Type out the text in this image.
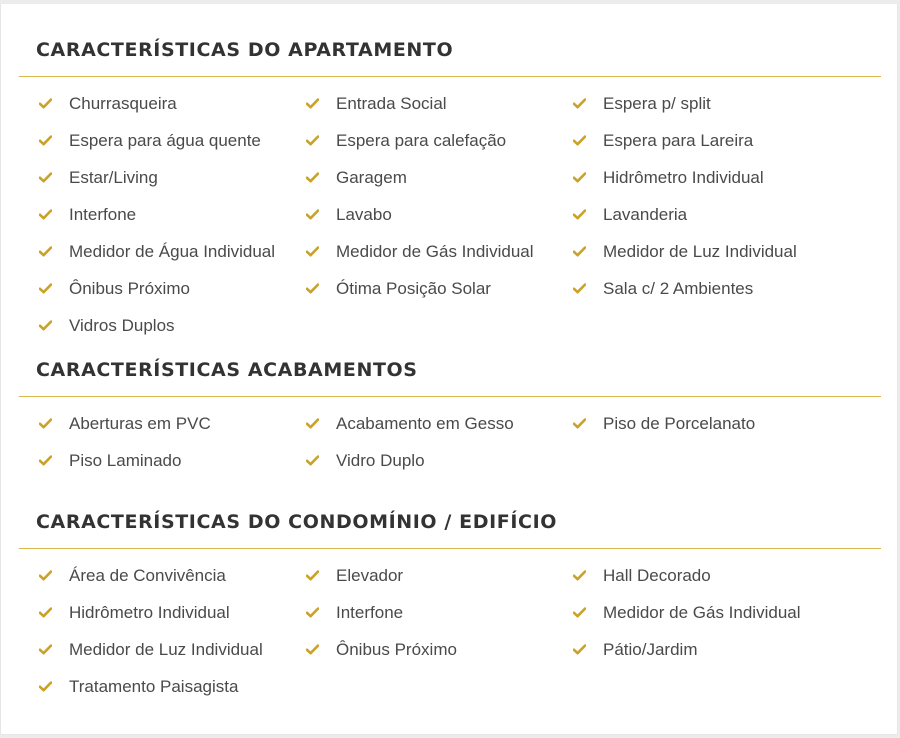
CARACTERÍSTICAS DO APARTAMENTO
Churrasqueira	Entrada Social	Espera p/ split
Espera para água quente	Espera para calefação	Espera para Lareira
Estar/Living	Garagem	Hidrômetro Individual
Interfone	Lavabo	Lavanderia
Medidor de Água Individual	Medidor de Gás Individual	Medidor de Luz Individual
Ônibus Próximo	Ótima Posição Solar	Sala c/ 2 Ambientes
Vidros Duplos
CARACTERÍSTICAS ACABAMENTOS
Aberturas em PVC	Acabamento em Gesso	Piso de Porcelanato
Piso Laminado	Vidro Duplo
CARACTERÍSTICAS DO CONDOMÍNIO / EDIFÍCIO
Área de Convivência	Elevador	Hall Decorado
Hidrômetro Individual	Interfone	Medidor de Gás Individual
Medidor de Luz Individual	Ônibus Próximo	Pátio/Jardim
Tratamento Paisagista
